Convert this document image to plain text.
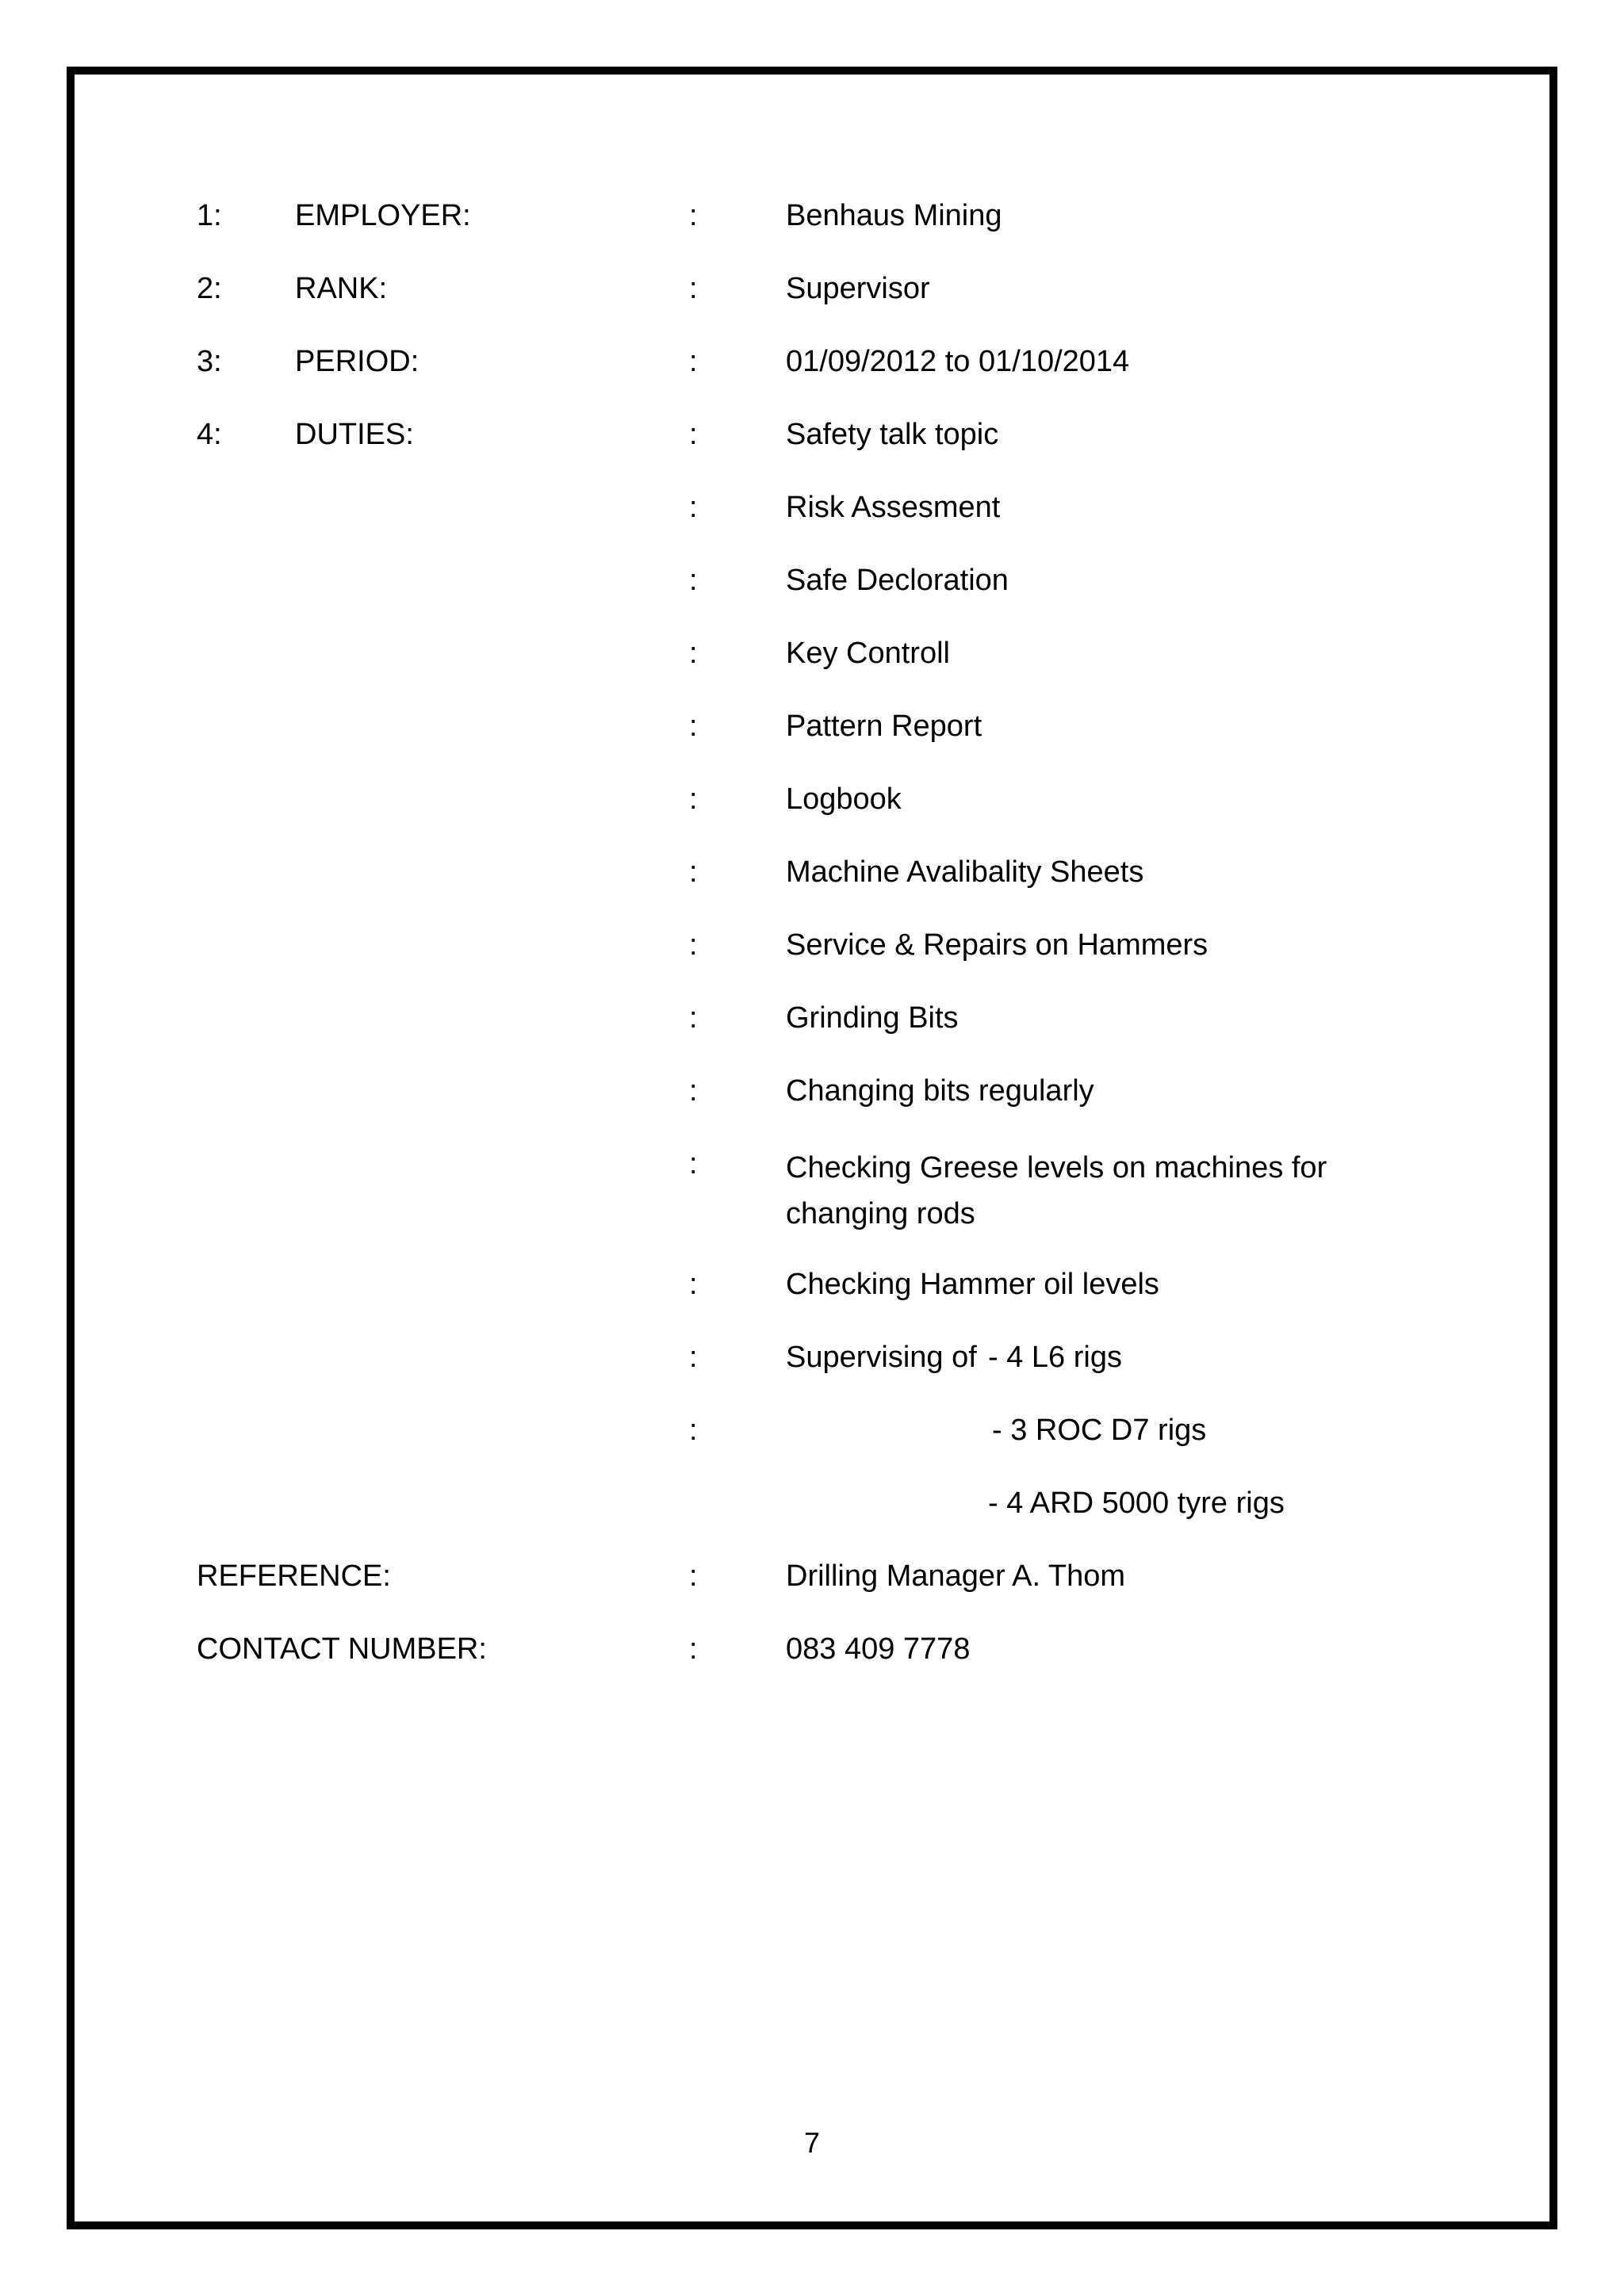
1: EMPLOYER:	:	Benhaus Mining
2: RANK:	:	Supervisor
3: PERIOD:	:	01/09/2012 to 01/10/2014
4: DUTIES:	:	Safety talk topic
:	Risk Assesment
:	Safe Decloration
:	Key Controll
:	Pattern Report
:	Logbook
:	Machine Avalibality Sheets
:	Service & Repairs on Hammers
:	Grinding Bits
:	Changing bits regularly
:	Checking Greese levels on machines for changing rods
:	Checking Hammer oil levels
:	Supervising of - 4 L6 rigs
:	- 3 ROC D7 rigs
- 4 ARD 5000 tyre rigs
REFERENCE:	:	Drilling Manager A. Thom
CONTACT NUMBER:	:	083 409 7778
7
